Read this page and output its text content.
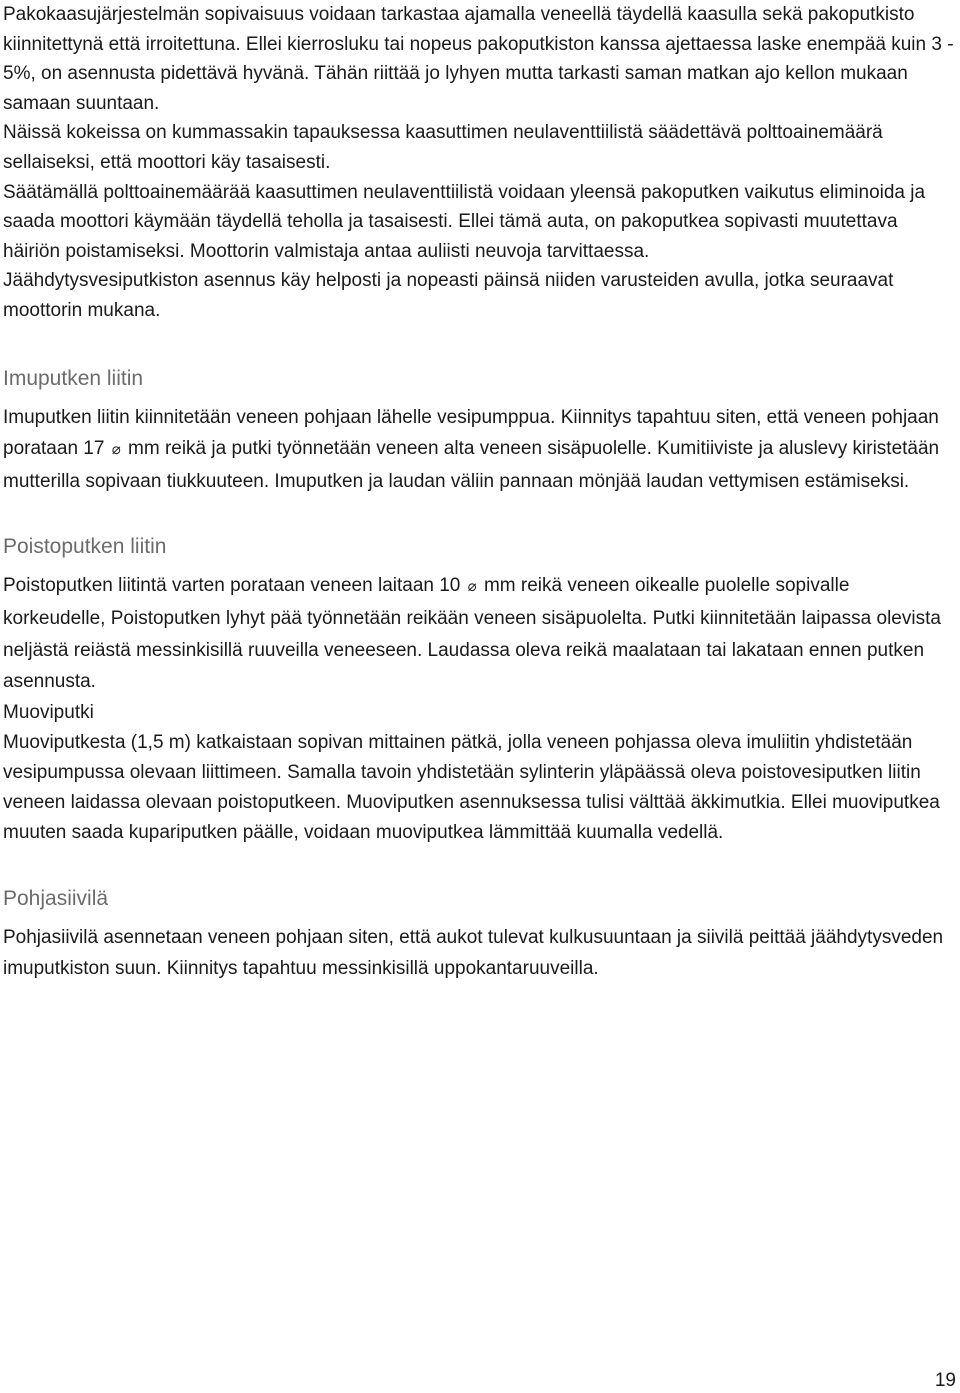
Pakokaasujärjestelmän sopivaisuus voidaan tarkastaa ajamalla veneellä täydellä kaasulla sekä pakoputkisto kiinnitettynä että irroitettuna. Ellei kierrosluku tai nopeus pakoputkiston kanssa ajettaessa laske enempää kuin 3 - 5%, on asennusta pidettävä hyvänä. Tähän riittää jo lyhyen mutta tarkasti saman matkan ajo kellon mukaan samaan suuntaan.

Näissä kokeissa on kummassakin tapauksessa kaasuttimen neulaventtiilistä säädettävä polttoainemäärä sellaiseksi, että moottori käy tasaisesti.

Säätämällä polttoainemäärää kaasuttimen neulaventtiilistä voidaan yleensä pakoputken vaikutus eliminoida ja saada moottori käymään täydellä teholla ja tasaisesti. Ellei tämä auta, on pakoputkea sopivasti muutettava häiriön poistamiseksi. Moottorin valmistaja antaa auliisti neuvoja tarvittaessa.

Jäähdytysvesiputkiston asennus käy helposti ja nopeasti päinsä niiden varusteiden avulla, jotka seuraavat moottorin mukana.

Imuputken liitin

Imuputken liitin kiinnitetään veneen pohjaan lähelle vesipumppua. Kiinnitys tapahtuu siten, että veneen pohjaan porataan 17 ⌀ mm reikä ja putki työnnetään veneen alta veneen sisäpuolelle. Kumitiiviste ja aluslevy kiristetään mutterilla sopivaan tiukkuuteen. Imuputken ja laudan väliin pannaan mönjää laudan vettymisen estämiseksi.

Poistoputken liitin

Poistoputken liitintä varten porataan veneen laitaan 10 ⌀ mm reikä veneen oikealle puolelle sopivalle korkeudelle, Poistoputken lyhyt pää työnnetään reikään veneen sisäpuolelta. Putki kiinnitetään laipassa olevista neljästä reiästä messinkisillä ruuveilla veneeseen. Laudassa oleva reikä maalataan tai lakataan ennen putken asennusta.

Muoviputki

Muoviputkesta (1,5 m) katkaistaan sopivan mittainen pätkä, jolla veneen pohjassa oleva imuliitin yhdistetään vesipumpussa olevaan liittimeen. Samalla tavoin yhdistetään sylinterin yläpäässä oleva poistovesiputken liitin veneen laidassa olevaan poistoputkeen. Muoviputken asennuksessa tulisi välttää äkkimutkia. Ellei muoviputkea muuten saada kupariputken päälle, voidaan muoviputkea lämmittää kuumalla vedellä.

Pohjasiivilä

Pohjasiivilä asennetaan veneen pohjaan siten, että aukot tulevat kulkusuuntaan ja siivilä peittää jäähdytysveden imuputkiston suun. Kiinnitys tapahtuu messinkisillä uppokantaruuveilla.

19
